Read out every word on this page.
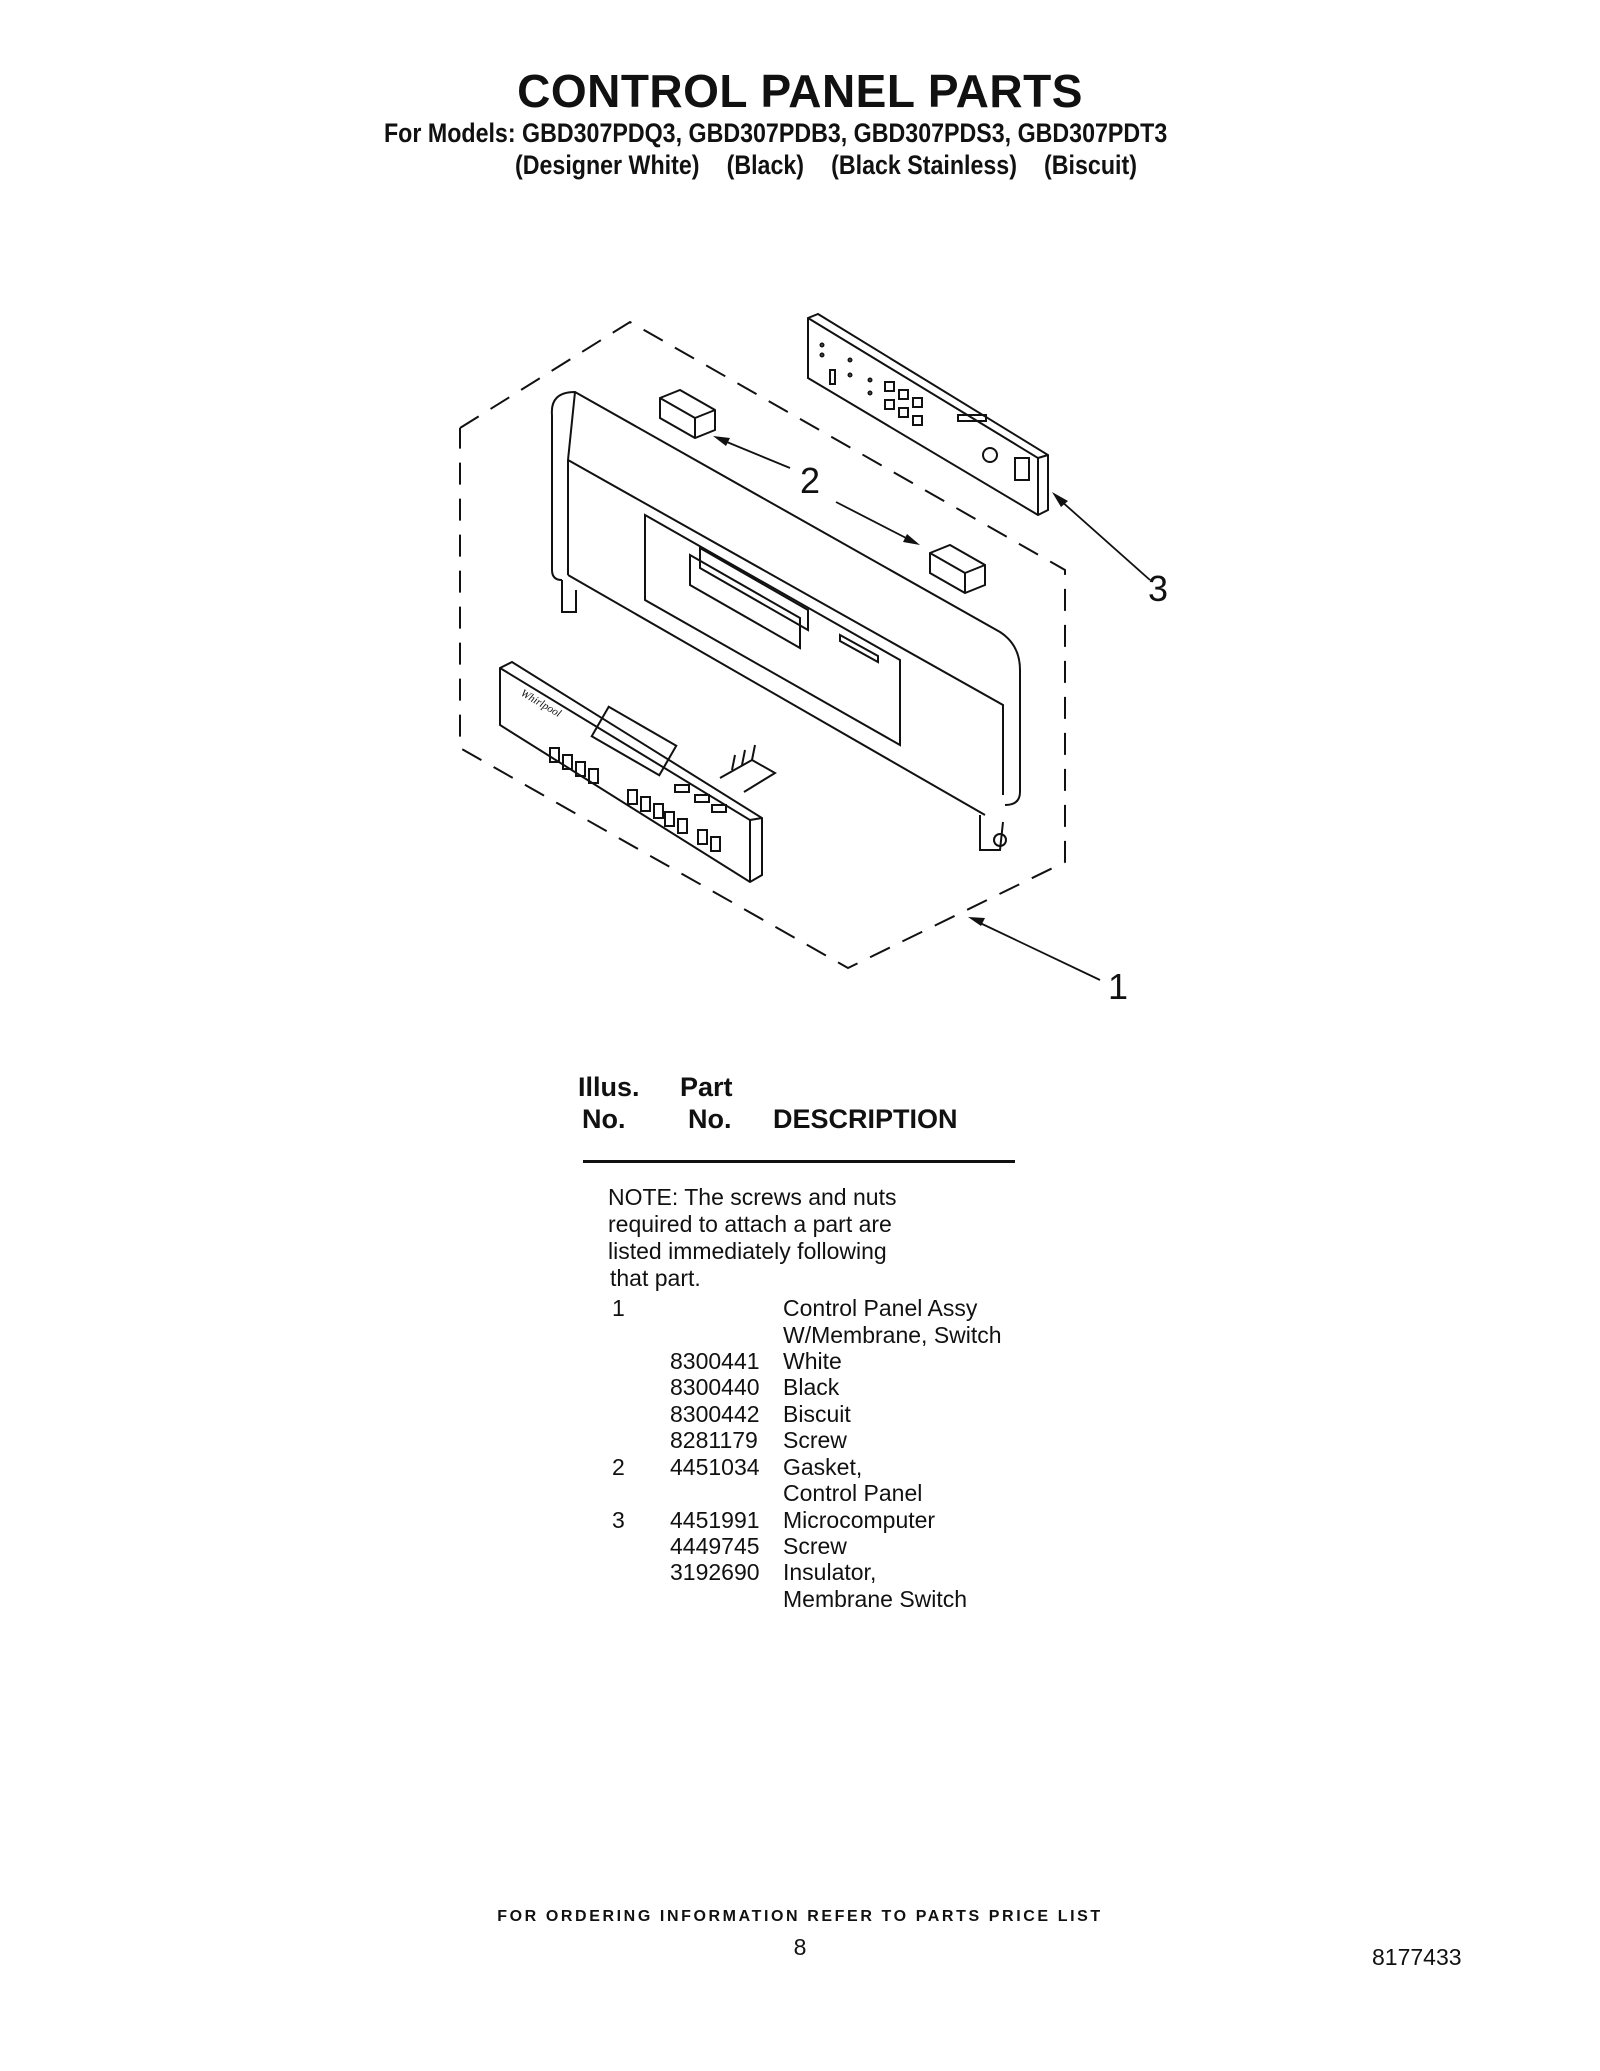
CONTROL PANEL PARTS
For Models: GBD307PDQ3, GBD307PDB3, GBD307PDS3, GBD307PDT3
(Designer White) (Black) (Black Stainless) (Biscuit)
Whirlpool
1
2
3
Illus.
No.
Part
No. DESCRIPTION
NOTE: The screws and nuts
required to attach a part are
listed immediately following
that part.
1	Control Panel Assy
W/Membrane, Switch
8300441 White
8300440 Black
8300442 Biscuit
8281179 Screw
2 4451034 Gasket,
Control Panel
3 4451991 Microcomputer
4449745 Screw
3192690 Insulator,
Membrane Switch
FOR ORDERING INFORMATION REFER TO PARTS PRICE LIST
8	8177433
